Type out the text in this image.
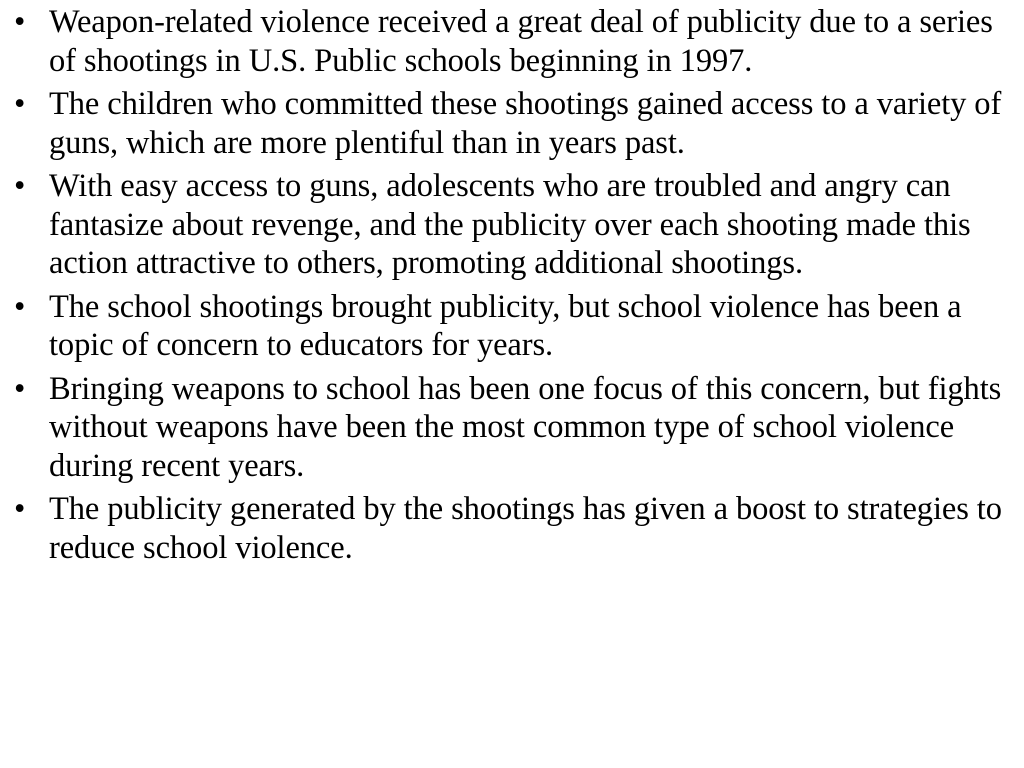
• Weapon-related violence received a great deal of publicity due to a series of shootings in U.S. Public schools beginning in 1997.
• The children who committed these shootings gained access to a variety of guns, which are more plentiful than in years past.
• With easy access to guns, adolescents who are troubled and angry can fantasize about revenge, and the publicity over each shooting made this action attractive to others, promoting additional shootings.
• The school shootings brought publicity, but school violence has been a topic of concern to educators for years.
• Bringing weapons to school has been one focus of this concern, but fights without weapons have been the most common type of school violence during recent years.
• The publicity generated by the shootings has given a boost to strategies to reduce school violence.
